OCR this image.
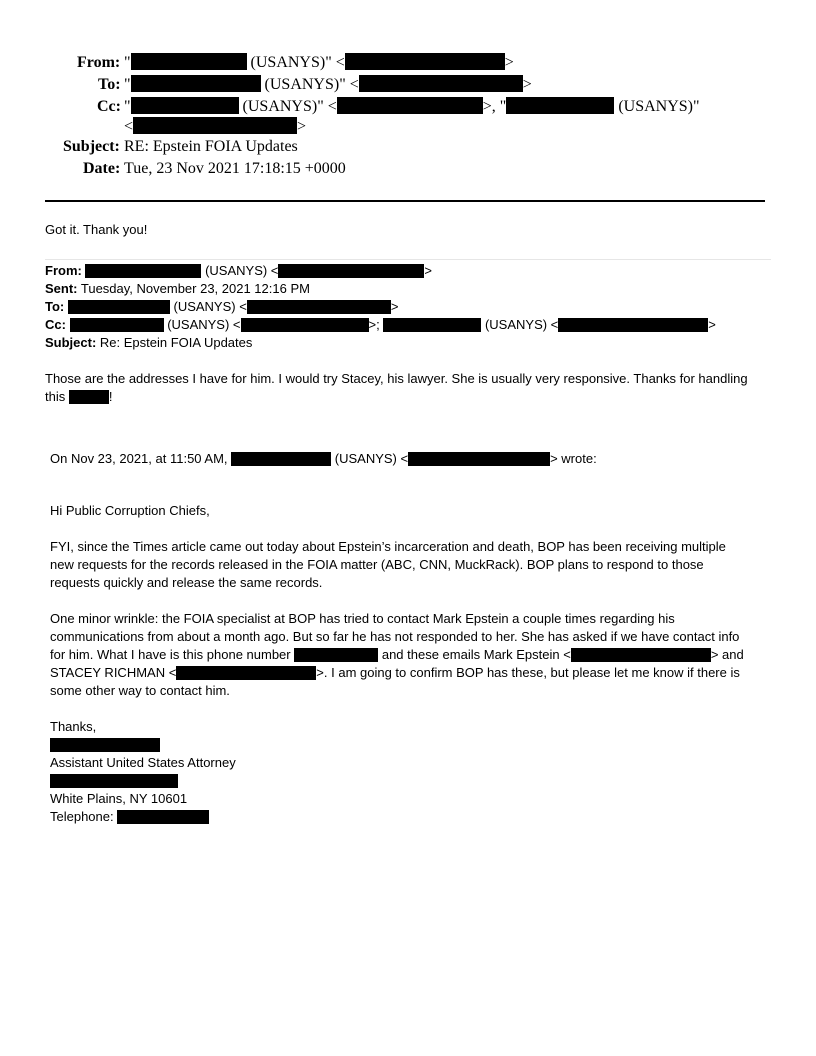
From: "	(USANYS)" <	>
To: "	(USANYS)" <	>
Cc: "	(USANYS)" <	>, "	(USANYS)"
<	>
Subject: RE: Epstein FOIA Updates
Date: Tue, 23 Nov 2021 17:18:15 +0000
Got it. Thank you!
From:	(USANYS) <	>
Sent: Tuesday, November 23, 2021 12:16 PM
To:	(USANYS) <	>
Cc:	(USANYS) <	>;	(USANYS) <	>
Subject: Re: Epstein FOIA Updates
Those are the addresses I have for him. I would try Stacey, his lawyer. She is usually very responsive. Thanks for handling
this	!
On Nov 23, 2021, at 11:50 AM,	(USANYS) <	> wrote:
Hi Public Corruption Chiefs,
FYI, since the Times article came out today about Epstein’s incarceration and death, BOP has been receiving multiple
new requests for the records released in the FOIA matter (ABC, CNN, MuckRack). BOP plans to respond to those
requests quickly and release the same records.
One minor wrinkle: the FOIA specialist at BOP has tried to contact Mark Epstein a couple times regarding his
communications from about a month ago. But so far he has not responded to her. She has asked if we have contact info
for him. What I have is this phone number	and these emails Mark Epstein <	> and
STACEY RICHMAN <	>. I am going to confirm BOP has these, but please let me know if there is
some other way to contact him.
Thanks,
Assistant United States Attorney
White Plains, NY 10601
Telephone:
